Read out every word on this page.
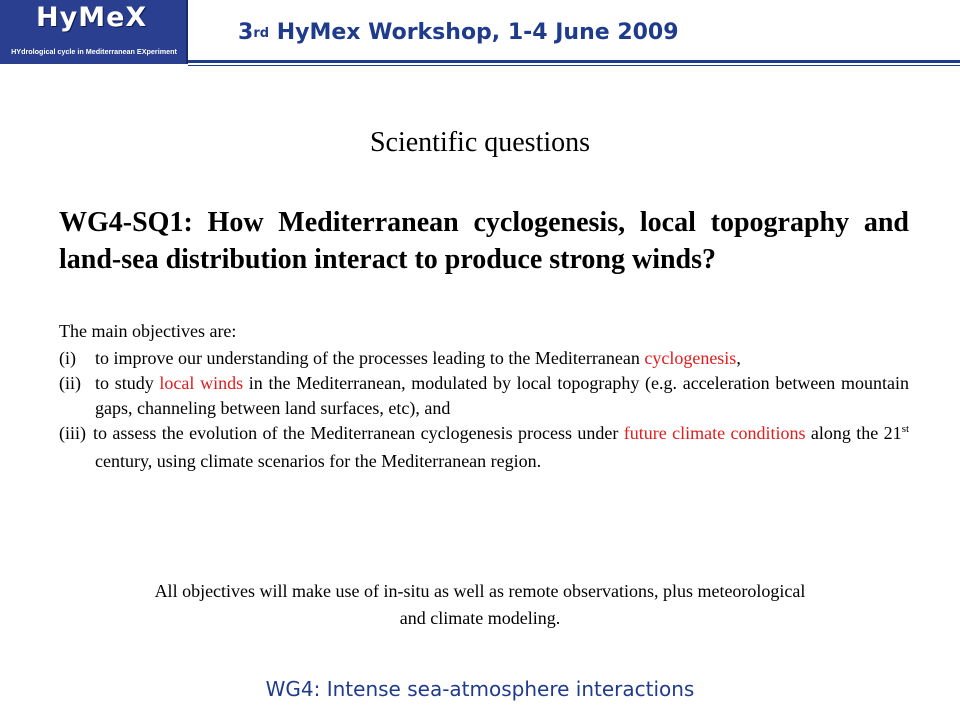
HyMeX
HYdrological cycle in Mediterranean EXperiment
3rd HyMex Workshop, 1-4 June 2009
Scientific questions
WG4-SQ1: How Mediterranean cyclogenesis, local topography and land-sea distribution interact to produce strong winds?
The main objectives are:
(i) to improve our understanding of the processes leading to the Mediterranean cyclogenesis,
(ii) to study local winds in the Mediterranean, modulated by local topography (e.g. acceleration between mountain gaps, channeling between land surfaces, etc), and
(iii) to assess the evolution of the Mediterranean cyclogenesis process under future climate conditions along the 21st century, using climate scenarios for the Mediterranean region.
All objectives will make use of in-situ as well as remote observations, plus meteorological and climate modeling.
WG4: Intense sea-atmosphere interactions
